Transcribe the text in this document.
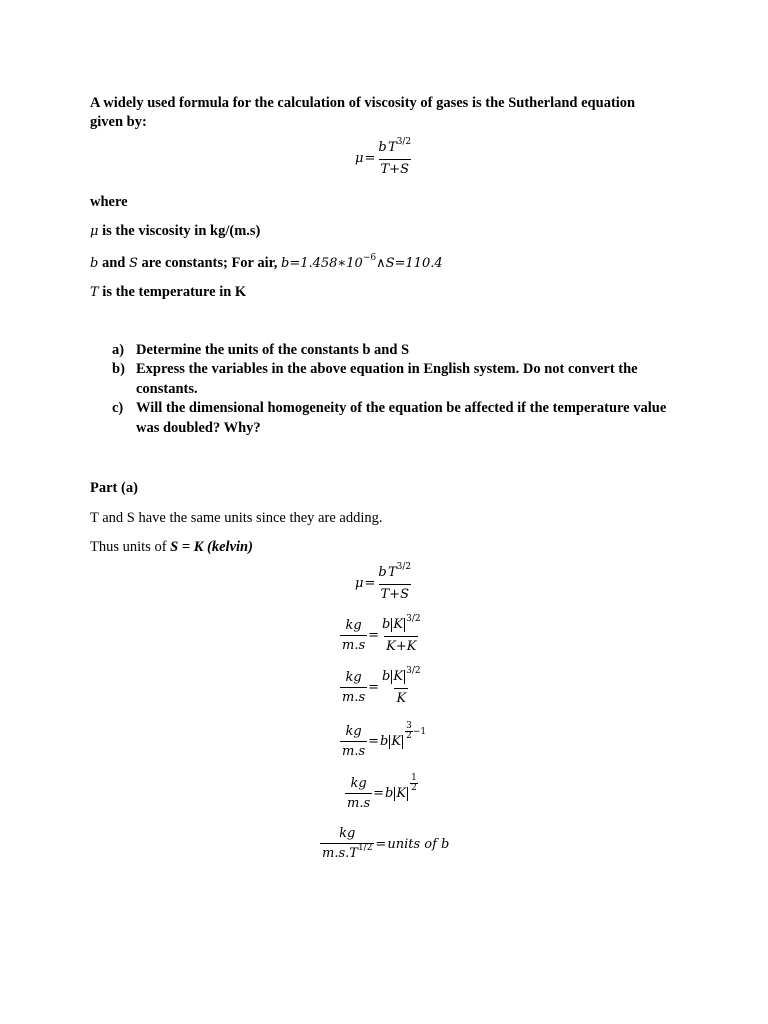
A widely used formula for the calculation of viscosity of gases is the Sutherland equation
given by:
$\mu = \frac{b T^{3/2}}{T+S}$
where
μ is the viscosity in kg/(m.s)
b and S are constants; For air, $b=1.458∗10^{-6}\wedge S=110.4$
T is the temperature in K
a) Determine the units of the constants b and S
b) Express the variables in the above equation in English system. Do not convert the constants.
c) Will the dimensional homogeneity of the equation be affected if the temperature value was doubled? Why?
Part (a)
T and S have the same units since they are adding.
Thus units of S = K (kelvin)
$\mu = \frac{b T^{3/2}}{T+S}$
$\frac{kg}{m.s} = \frac{b K ^{3/2}}{K+K}$
$\frac{kg}{m.s} = \frac{b K ^{3/2}}{K}$
$\frac{kg}{m.s} = b$ K
$\frac{3}{2} -1$
$\frac{kg}{m.s} = b$ K
$\frac{1}{2}$
$\frac{kg}{m.s.T^{1/2}}$ = units of b
